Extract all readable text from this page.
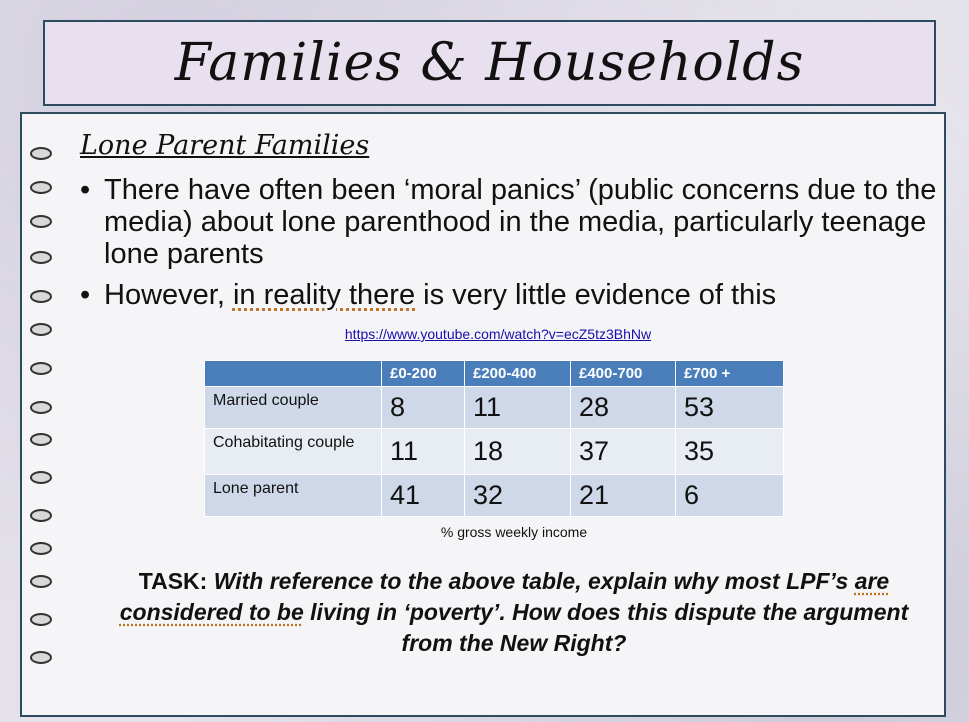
Families & Households
Lone Parent Families
• There have often been ‘moral panics’ (public concerns due to the media) about lone parenthood in the media, particularly teenage lone parents
• However, in reality there is very little evidence of this
https://www.youtube.com/watch?v=ecZ5tz3BhNw
	£0-200	£200-400	£400-700	£700 +
Married couple	8	11	28	53
Cohabitating couple	11	18	37	35
Lone parent	41	32	21	6
% gross weekly income
TASK: With reference to the above table, explain why most LPF’s are considered to be living in ‘poverty’. How does this dispute the argument from the New Right?
